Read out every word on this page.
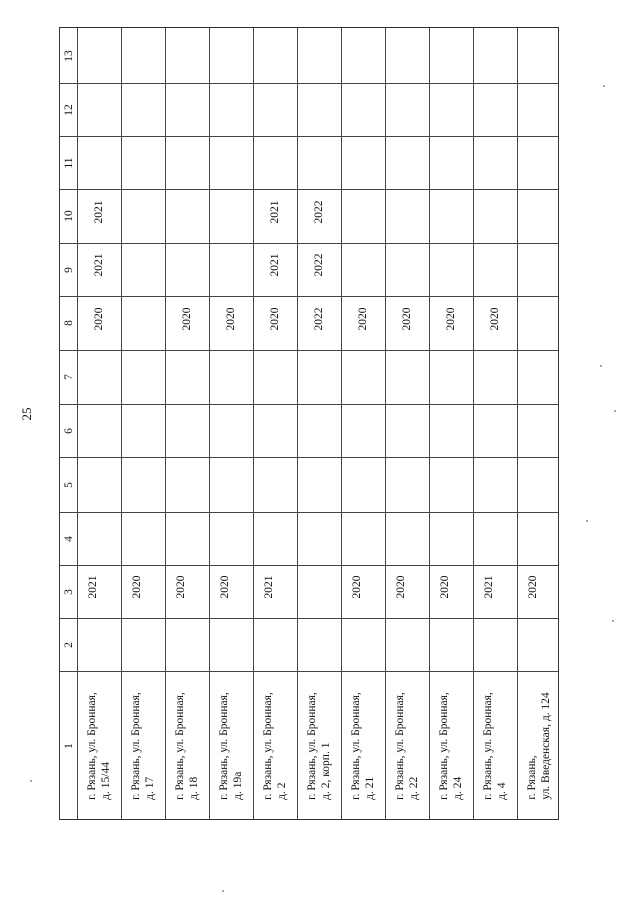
25
1
2
3
4
5
6
7
8
9
10
11
12
13
г. Рязань, ул. Бронная,
д. 15/44
2021
2020
2021
2021
г. Рязань, ул. Бронная,
д. 17
2020
г. Рязань, ул. Бронная,
д. 18
2020
2020
г. Рязань, ул. Бронная,
д. 19а
2020
2020
г. Рязань, ул. Бронная,
д. 2
2021
2020
2021
2021
г. Рязань, ул. Бронная,
д. 2, корп. 1
2022
2022
2022
г. Рязань, ул. Бронная,
д. 21
2020
2020
г. Рязань, ул. Бронная,
д. 22
2020
2020
г. Рязань, ул. Бронная,
д. 24
2020
2020
г. Рязань, ул. Бронная,
д. 4
2021
2020
г. Рязань,
ул. Введенская, д. 124
2020
